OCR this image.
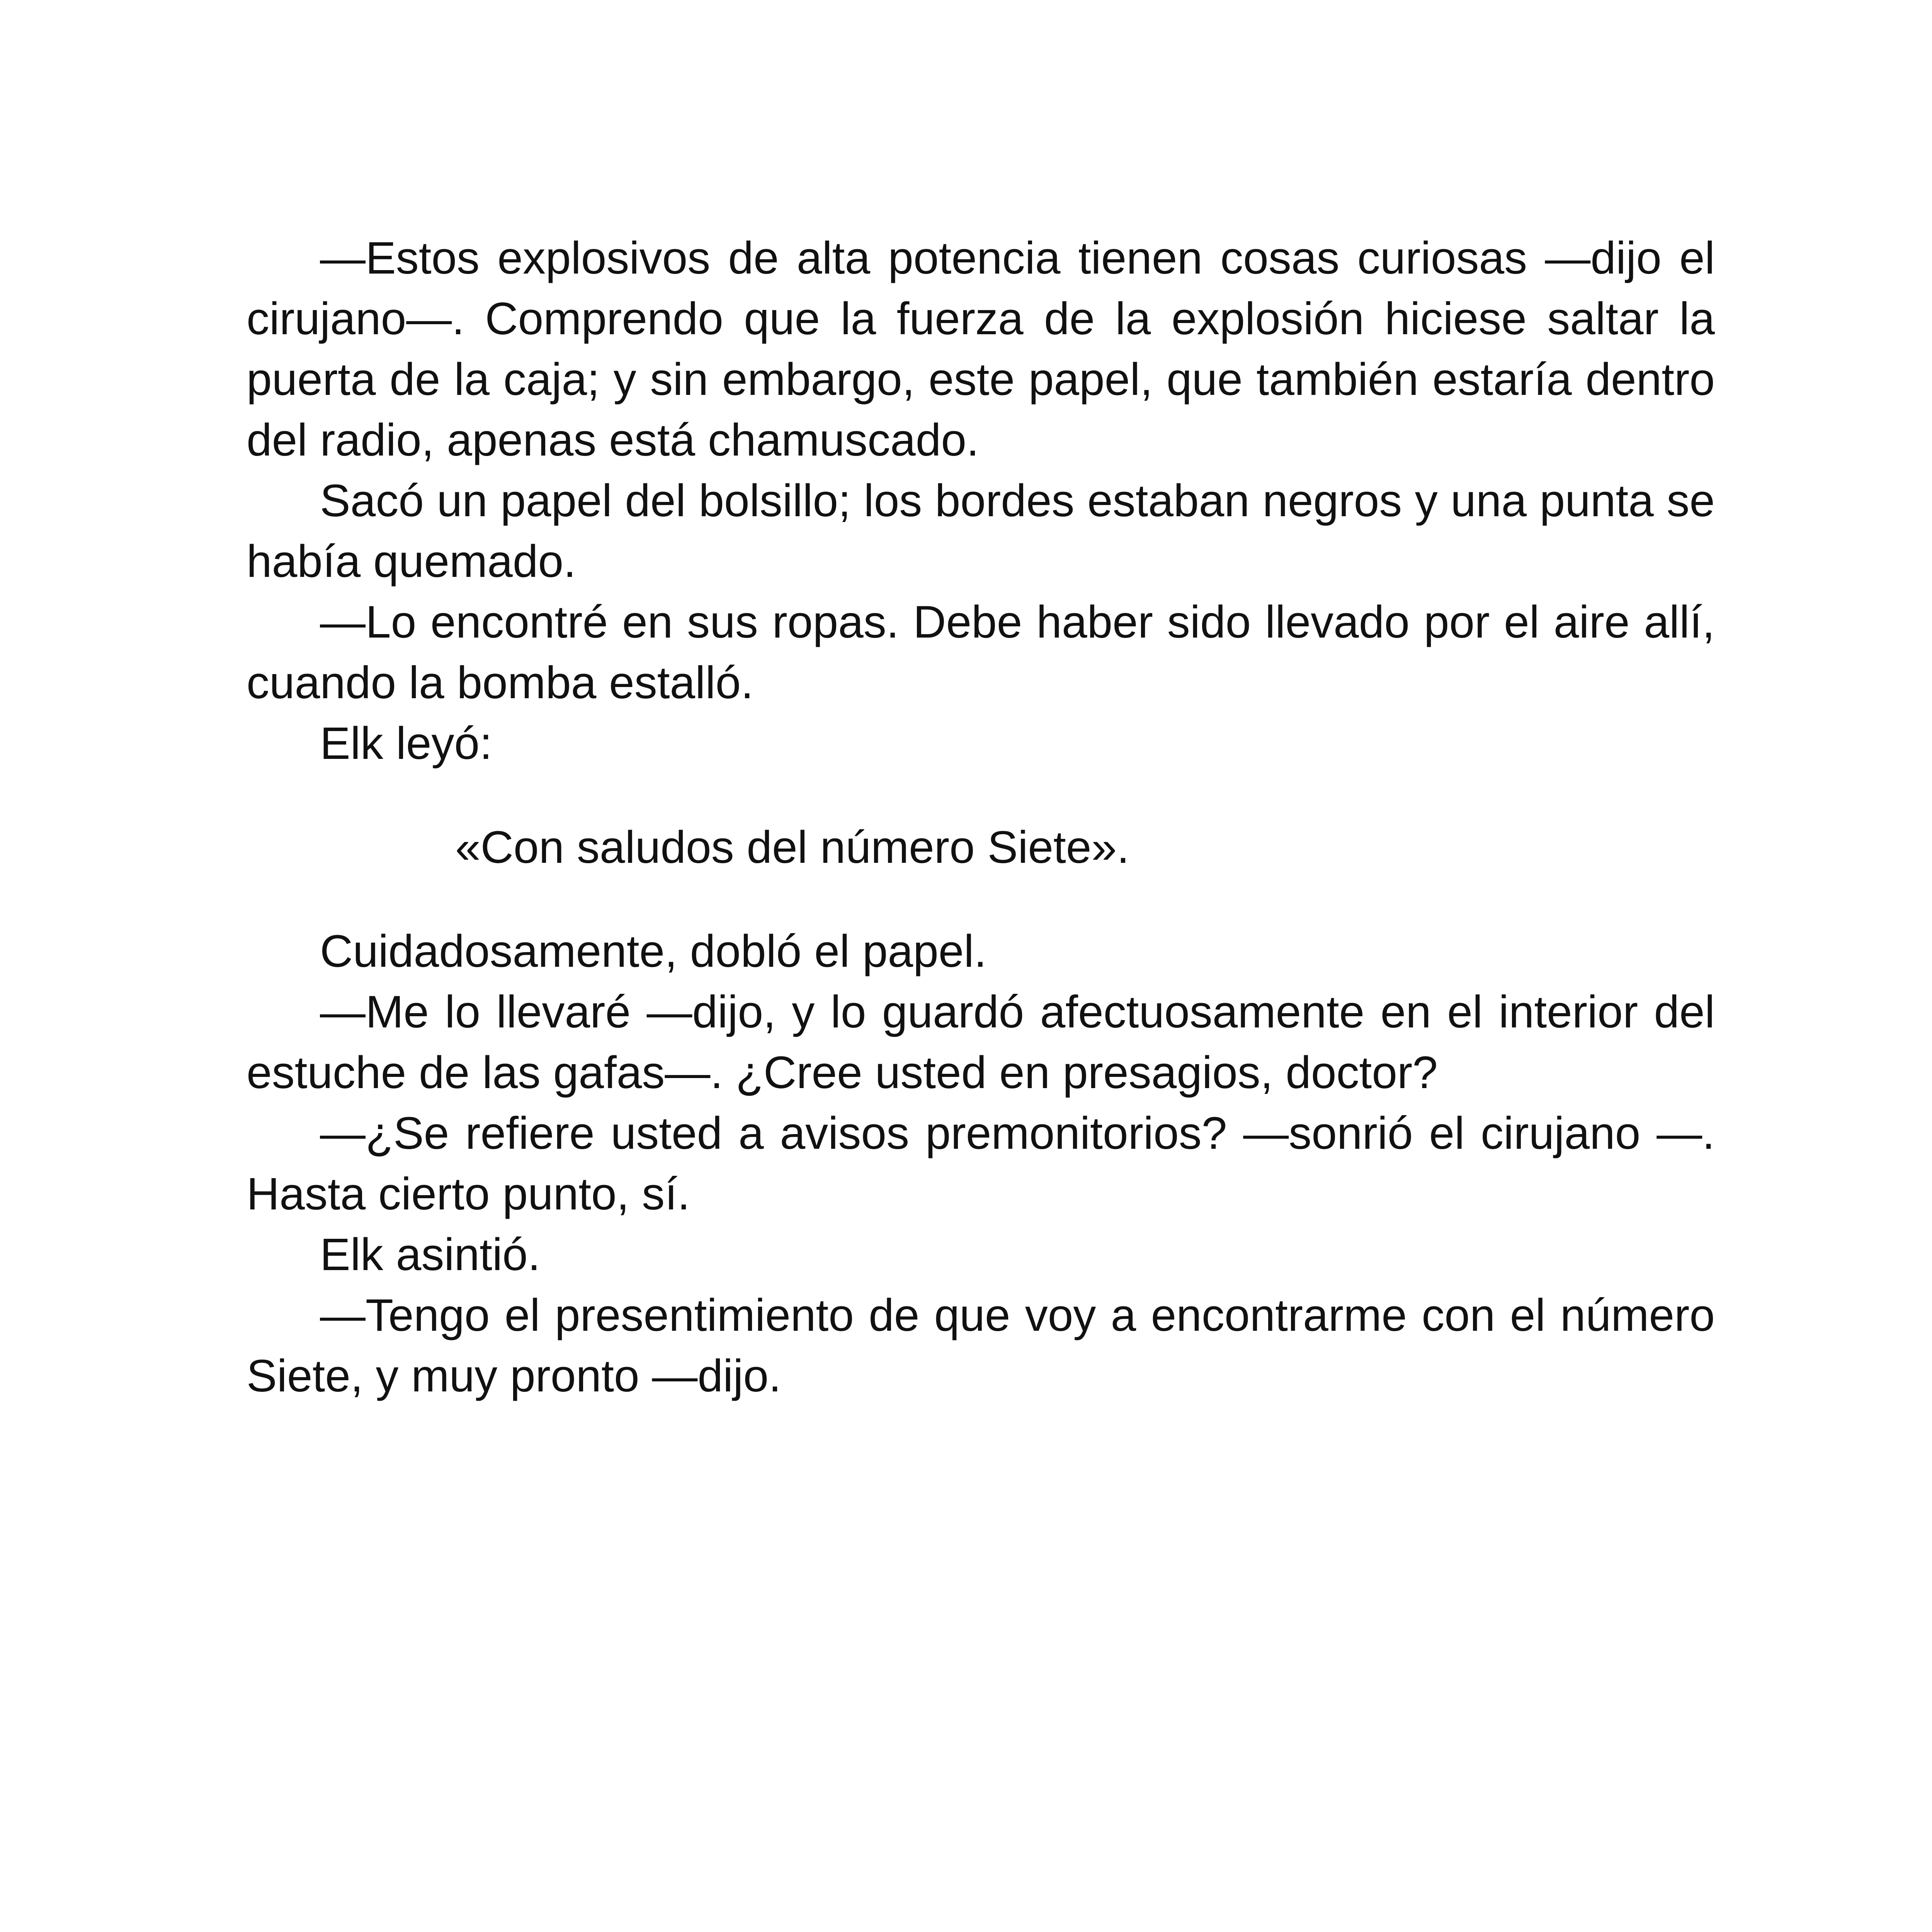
—Estos explosivos de alta potencia tienen cosas curiosas —dijo el cirujano—. Comprendo que la fuerza de la explosión hiciese saltar la puerta de la caja; y sin embargo, este papel, que también estaría dentro del radio, apenas está chamuscado.

Sacó un papel del bolsillo; los bordes estaban negros y una punta se había quemado.

—Lo encontré en sus ropas. Debe haber sido llevado por el aire allí, cuando la bomba estalló.

Elk leyó:

«Con saludos del número Siete».

Cuidadosamente, dobló el papel.

—Me lo llevaré —dijo, y lo guardó afectuosamente en el interior del estuche de las gafas—. ¿Cree usted en presagios, doctor?

—¿Se refiere usted a avisos premonitorios? —sonrió el cirujano —. Hasta cierto punto, sí.

Elk asintió.

—Tengo el presentimiento de que voy a encontrarme con el número Siete, y muy pronto —dijo.
